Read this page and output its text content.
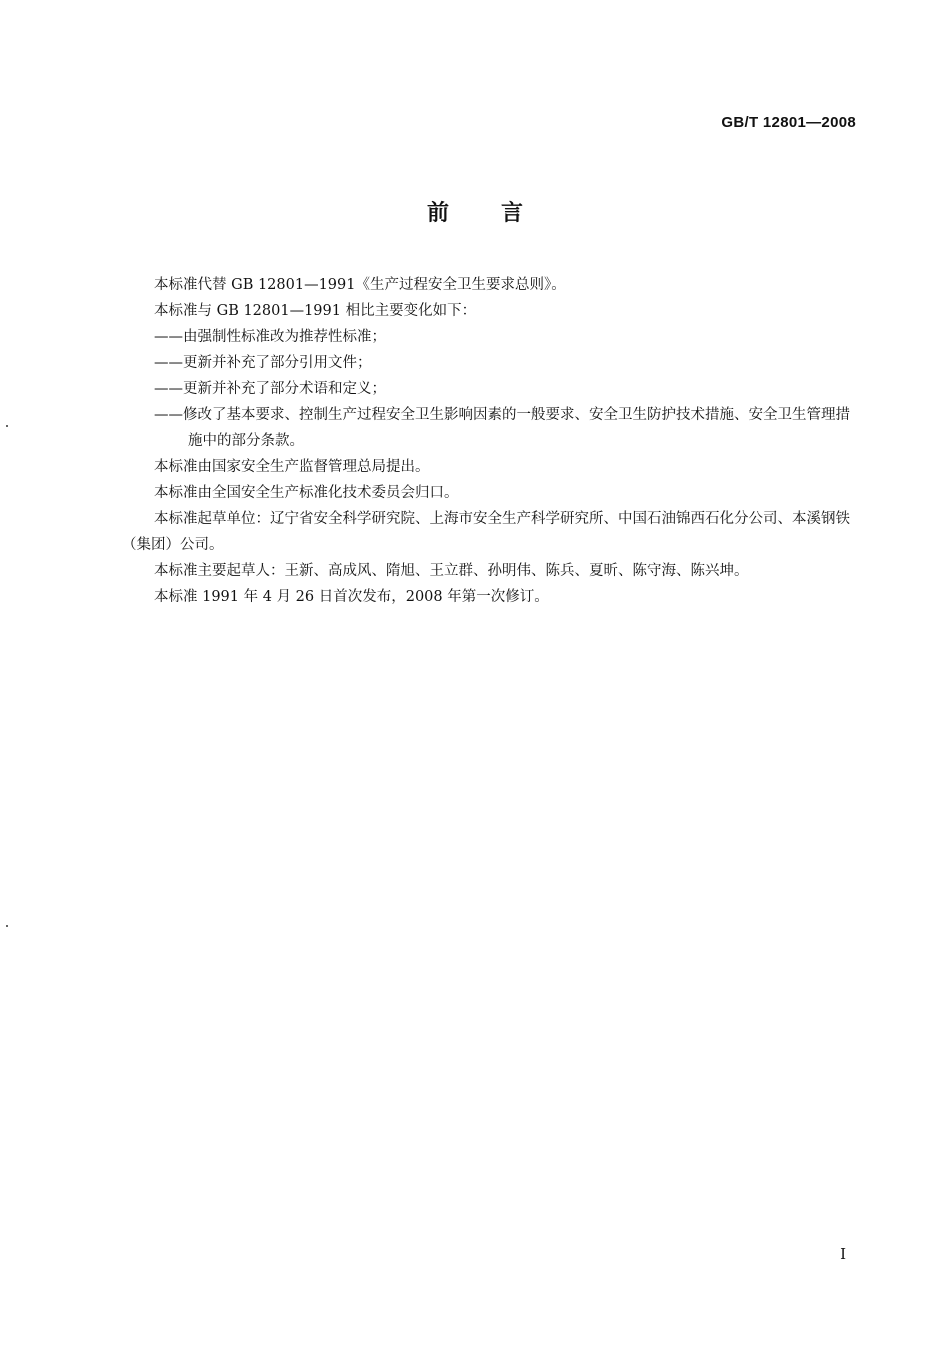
GB/T 12801—2008
前 言

本标准代替 GB 12801—1991《生产过程安全卫生要求总则》。

本标准与 GB 12801—1991 相比主要变化如下：

——由强制性标准改为推荐性标准；

——更新并补充了部分引用文件；

——更新并补充了部分术语和定义；

——修改了基本要求、控制生产过程安全卫生影响因素的一般要求、安全卫生防护技术措施、安全卫生管理措施中的部分条款。

本标准由国家安全生产监督管理总局提出。

本标准由全国安全生产标准化技术委员会归口。

本标准起草单位：辽宁省安全科学研究院、上海市安全生产科学研究所、中国石油锦西石化分公司、本溪钢铁（集团）公司。

本标准主要起草人：王新、高成风、隋旭、王立群、孙明伟、陈兵、夏昕、陈守海、陈兴坤。

本标准 1991 年 4 月 26 日首次发布，2008 年第一次修订。

I
